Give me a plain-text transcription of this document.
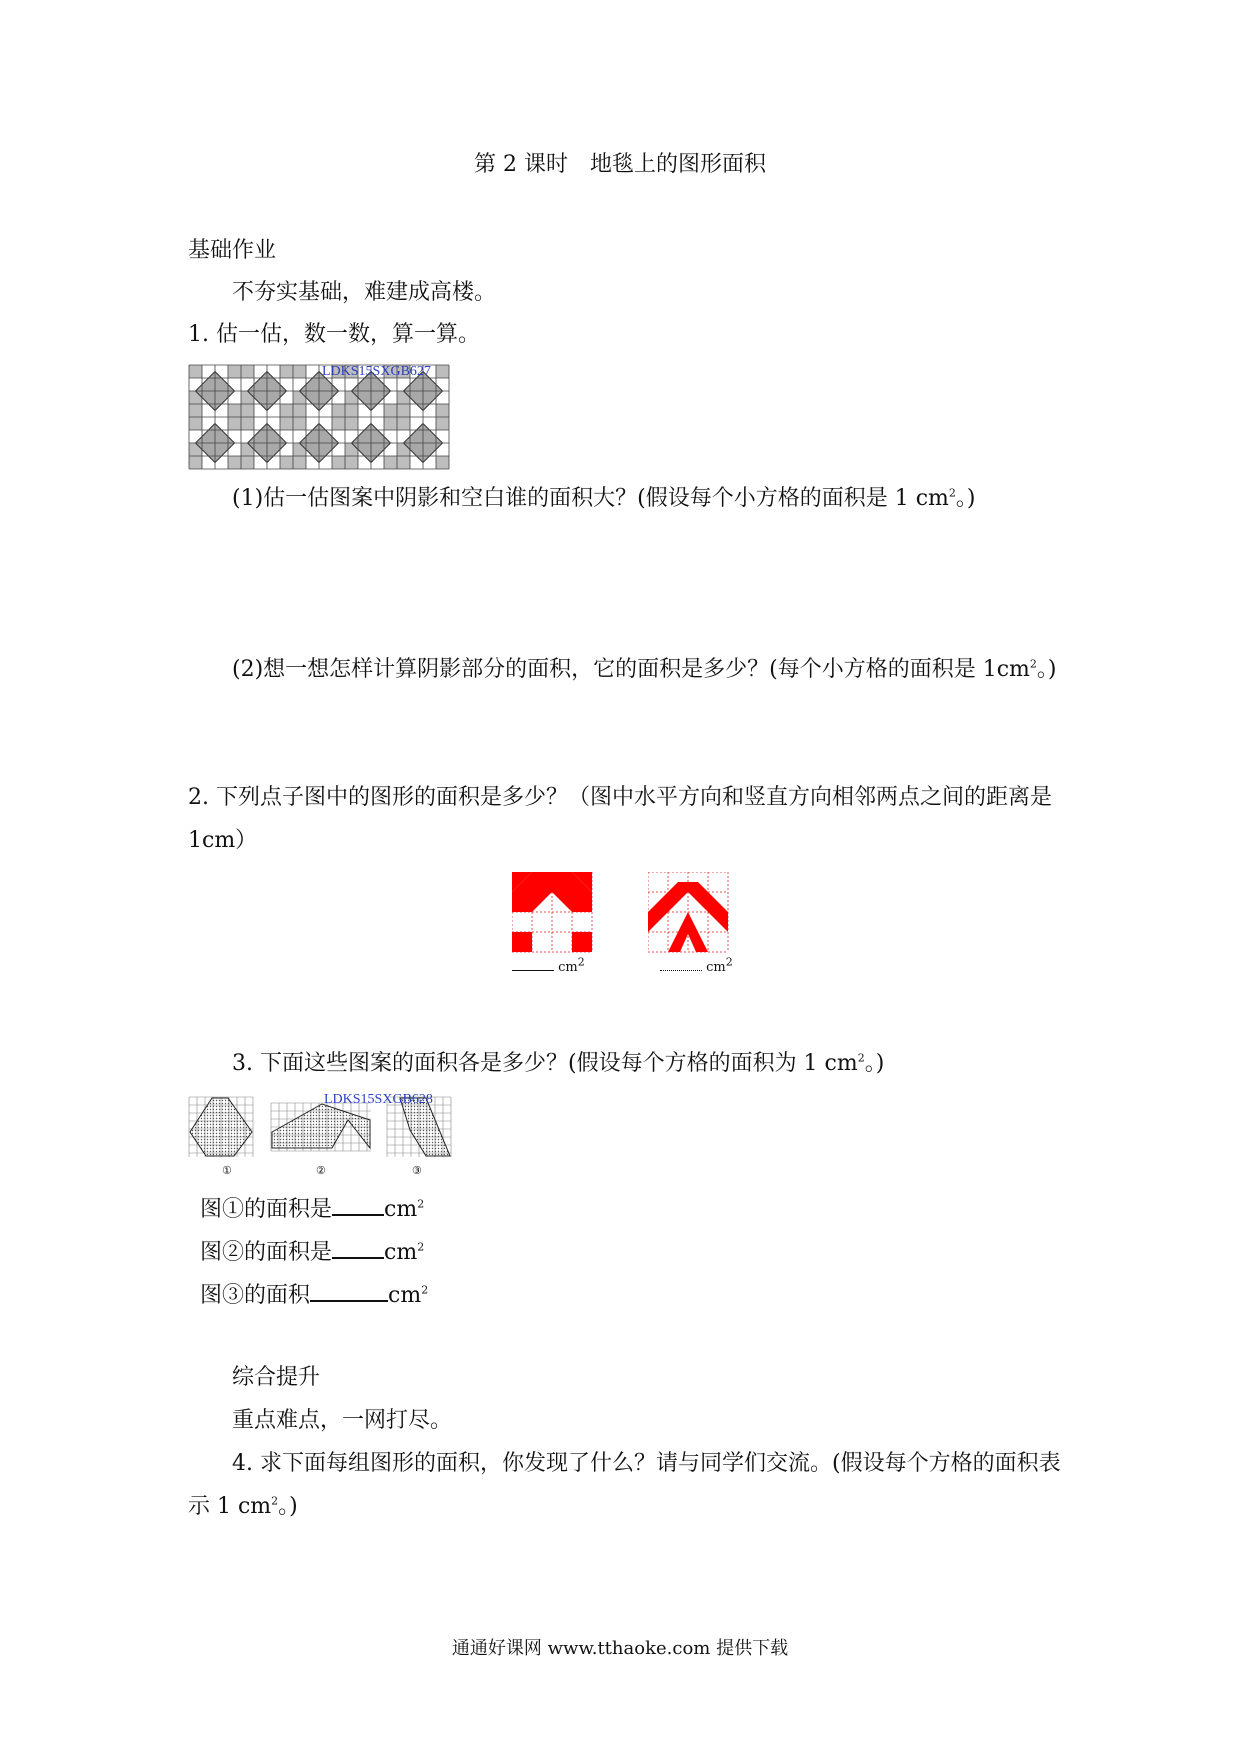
第 2 课时　地毯上的图形面积
基础作业
不夯实基础，难建成高楼。
1. 估一估，数一数，算一算。
LDKS15SXGB627
(1)估一估图案中阴影和空白谁的面积大？(假设每个小方格的面积是 1 $cm^2$。)
(2)想一想怎样计算阴影部分的面积，它的面积是多少？(每个小方格的面积是 $1cm^2$。)
2. 下列点子图中的图形的面积是多少？（图中水平方向和竖直方向相邻两点之间的距离是
1cm）
$cm^2$	$cm^2$
3. 下面这些图案的面积各是多少？(假设每个方格的面积为 1 $cm^2$。)
LDKS15SXGB628
①	②	③
图①的面积是 $cm^2$
图②的面积是 $cm^2$
图③的面积	$cm^2$
综合提升
重点难点，一网打尽。
4. 求下面每组图形的面积，你发现了什么？请与同学们交流。(假设每个方格的面积表
示 1 $cm^2$。)
通通好课网 www.tthaoke.com 提供下载
